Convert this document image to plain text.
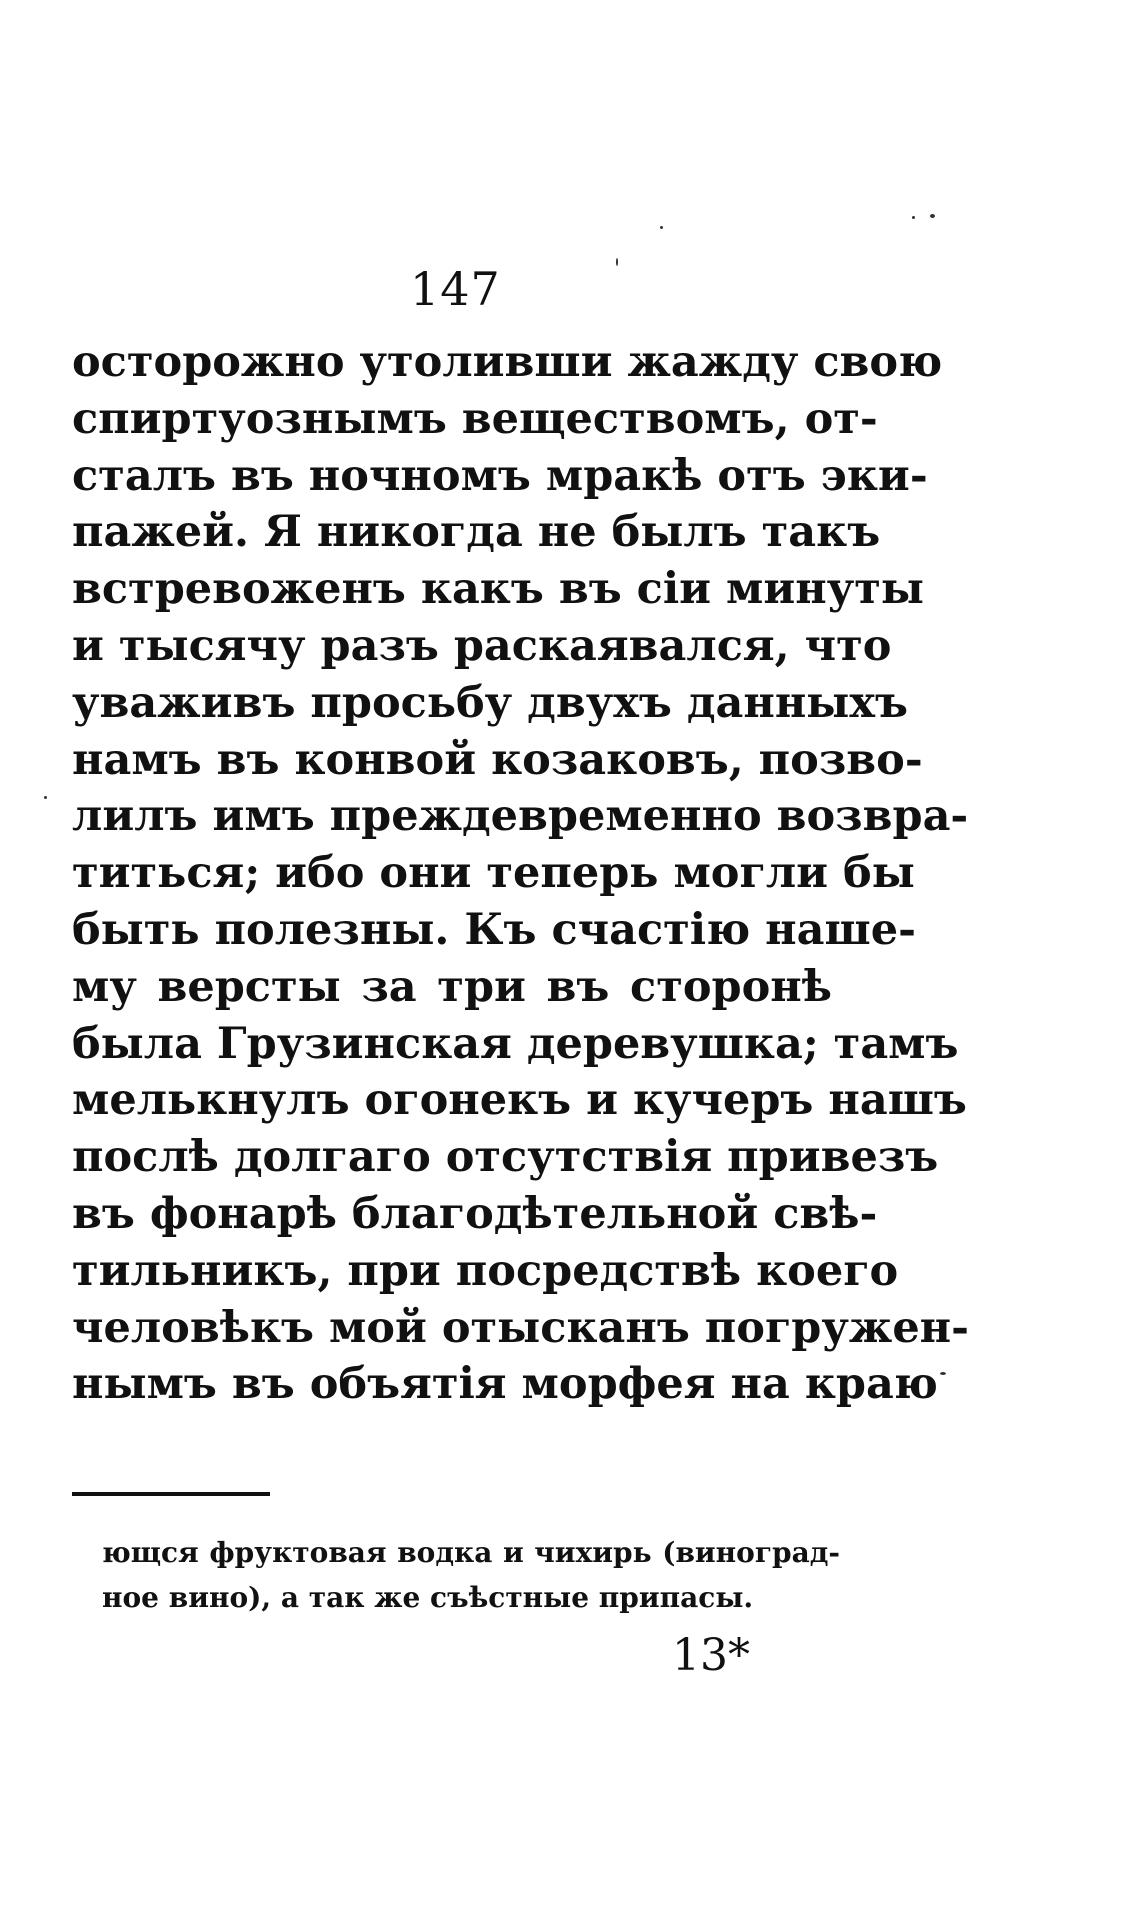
147
осторожно утоливши жажду свою
спиртуознымъ веществомъ, от-
сталъ въ ночномъ мракѣ отъ эки-
пажей. Я никогда не былъ такъ
встревоженъ какъ въ сіи минуты
и тысячу разъ раскаявался, что
уваживъ просьбу двухъ данныхъ
намъ въ конвой козаковъ, позво-
лилъ имъ преждевременно возвра-
титься; ибо они теперь могли бы
быть полезны. Къ счастію наше-
му версты за три въ сторонѣ
была Грузинская деревушка; тамъ
мелькнулъ огонекъ и кучеръ нашъ
послѣ долгаго отсутствія привезъ
въ фонарѣ благодѣтельной свѣ-
тильникъ, при посредствѣ коего
человѣкъ мой отысканъ погружен-
нымъ въ объятія морфея на краю
ющся фруктовая водка и чихирь (виноград-
ное вино), а так же съѣстные припасы.
13*
